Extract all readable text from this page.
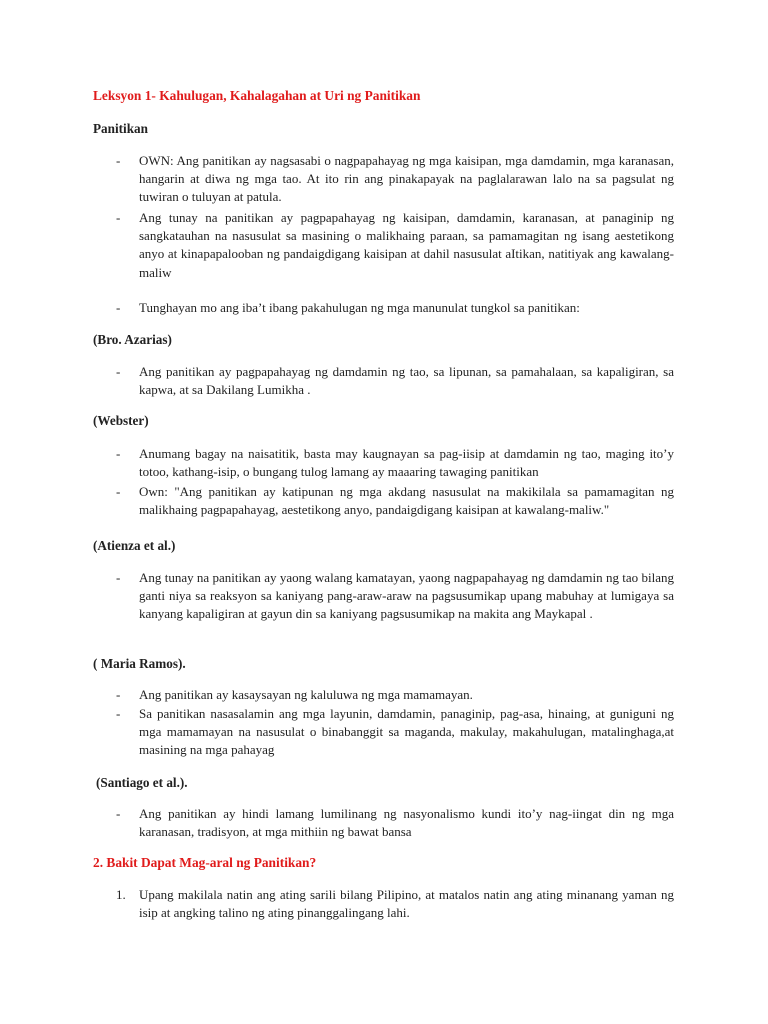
Leksyon 1- Kahulugan, Kahalagahan at Uri ng Panitikan
Panitikan
- OWN: Ang panitikan ay nagsasabi o nagpapahayag ng mga kaisipan, mga damdamin, mga karanasan, hangarin at diwa ng mga tao. At ito rin ang pinakapayak na paglalarawan lalo na sa pagsulat ng tuwiran o tuluyan at patula.
- Ang tunay na panitikan ay pagpapahayag ng kaisipan, damdamin, karanasan, at panaginip ng sangkatauhan na nasusulat sa masining o malikhaing paraan, sa pamamagitan ng isang aestetikong anyo at kinapapalooban ng pandaigdigang kaisipan at dahil nasusulat aItikan, natitiyak ang kawalang-maliw
- Tunghayan mo ang iba’t ibang pakahulugan ng mga manunulat tungkol sa panitikan:
(Bro. Azarias)
- Ang panitikan ay pagpapahayag ng damdamin ng tao, sa lipunan, sa pamahalaan, sa kapaligiran, sa kapwa, at sa Dakilang Lumikha .
(Webster)
- Anumang bagay na naisatitik, basta may kaugnayan sa pag-iisip at damdamin ng tao, maging ito’y totoo, kathang-isip, o bungang tulog lamang ay maaaring tawaging panitikan
- Own: "Ang panitikan ay katipunan ng mga akdang nasusulat na makikilala sa pamamagitan ng malikhaing pagpapahayag, aestetikong anyo, pandaigdigang kaisipan at kawalang-maliw."
(Atienza et al.)
- Ang tunay na panitikan ay yaong walang kamatayan, yaong nagpapahayag ng damdamin ng tao bilang ganti niya sa reaksyon sa kaniyang pang-araw-araw na pagsusumikap upang mabuhay at lumigaya sa kanyang kapaligiran at gayun din sa kaniyang pagsusumikap na makita ang Maykapal .
( Maria Ramos).
- Ang panitikan ay kasaysayan ng kaluluwa ng mga mamamayan.
- Sa panitikan nasasalamin ang mga layunin, damdamin, panaginip, pag-asa, hinaing, at guniguni ng mga mamamayan na nasusulat o binabanggit sa maganda, makulay, makahulugan, matalinghaga,at masining na mga pahayag
(Santiago et al.).
- Ang panitikan ay hindi lamang lumilinang ng nasyonalismo kundi ito’y nag-iingat din ng mga karanasan, tradisyon, at mga mithiin ng bawat bansa
2. Bakit Dapat Mag-aral ng Panitikan?
1. Upang makilala natin ang ating sarili bilang Pilipino, at matalos natin ang ating minanang yaman ng isip at angking talino ng ating pinanggalingang lahi.
